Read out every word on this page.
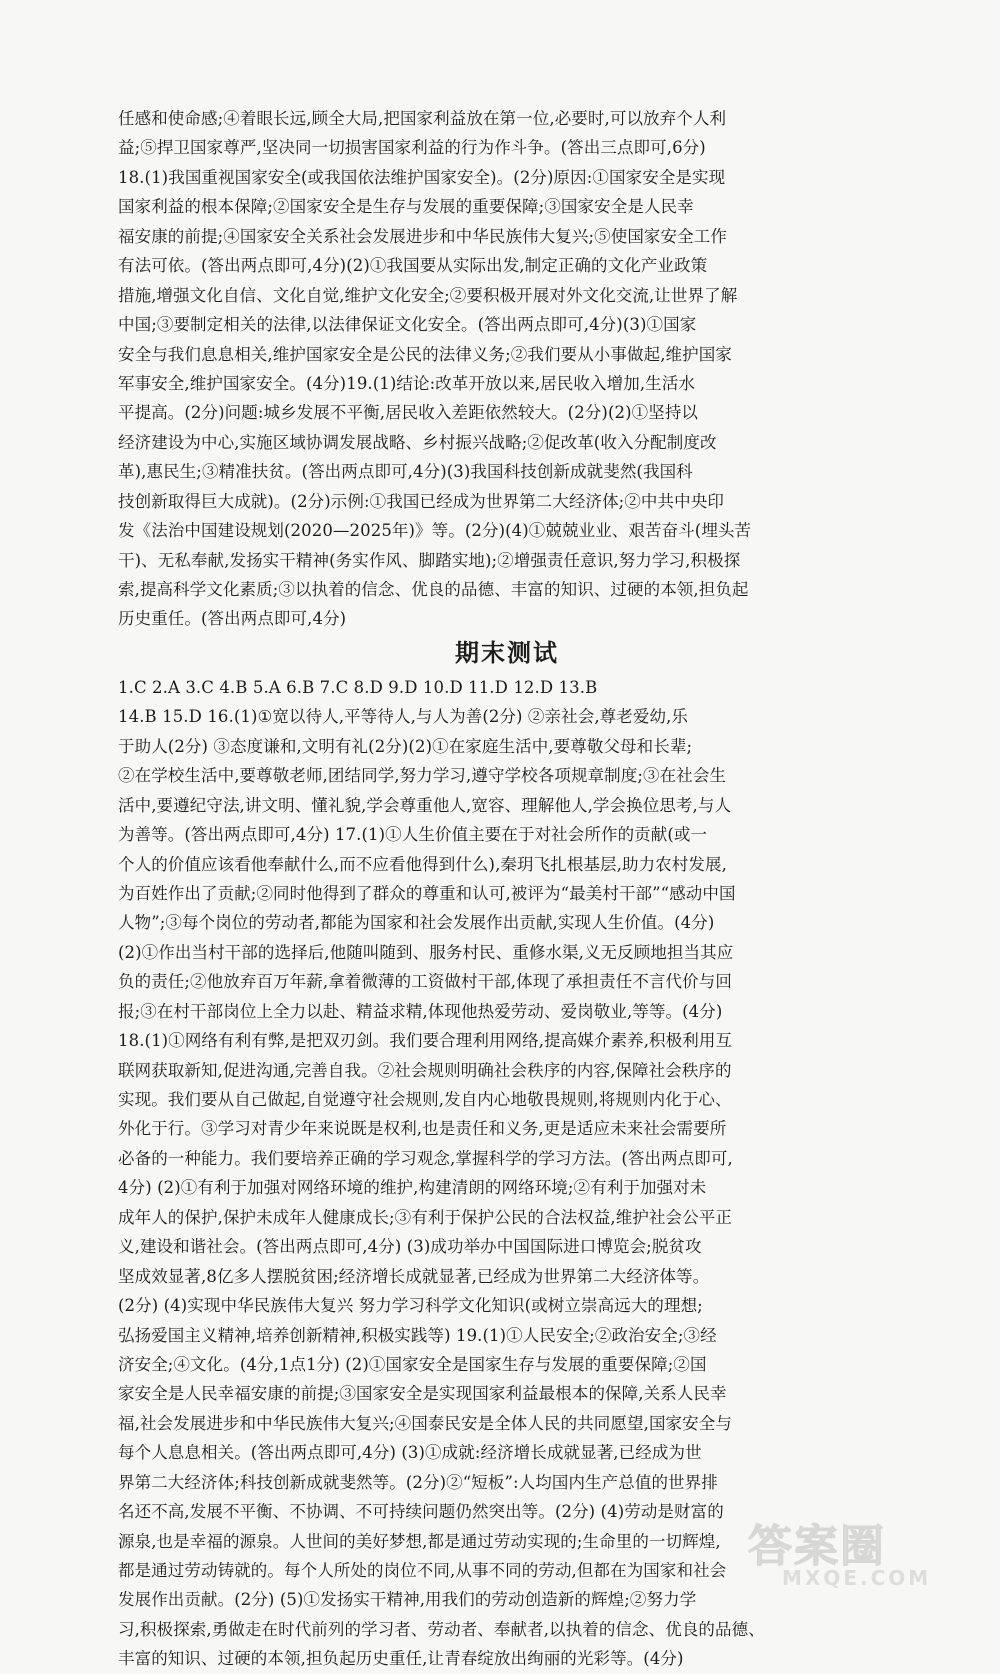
任感和使命感;④着眼长远,顾全大局,把国家利益放在第一位,必要时,可以放弃个人利
益;⑤捍卫国家尊严,坚决同一切损害国家利益的行为作斗争。(答出三点即可,6分)
18.(1)我国重视国家安全(或我国依法维护国家安全)。(2分)原因:①国家安全是实现
国家利益的根本保障;②国家安全是生存与发展的重要保障;③国家安全是人民幸
福安康的前提;④国家安全关系社会发展进步和中华民族伟大复兴;⑤使国家安全工作
有法可依。(答出两点即可,4分)(2)①我国要从实际出发,制定正确的文化产业政策
措施,增强文化自信、文化自觉,维护文化安全;②要积极开展对外文化交流,让世界了解
中国;③要制定相关的法律,以法律保证文化安全。(答出两点即可,4分)(3)①国家
安全与我们息息相关,维护国家安全是公民的法律义务;②我们要从小事做起,维护国家
军事安全,维护国家安全。(4分)19.(1)结论:改革开放以来,居民收入增加,生活水
平提高。(2分)问题:城乡发展不平衡,居民收入差距依然较大。(2分)(2)①坚持以
经济建设为中心,实施区域协调发展战略、乡村振兴战略;②促改革(收入分配制度改
革),惠民生;③精准扶贫。(答出两点即可,4分)(3)我国科技创新成就斐然(我国科
技创新取得巨大成就)。(2分)示例:①我国已经成为世界第二大经济体;②中共中央印
发《法治中国建设规划(2020—2025年)》等。(2分)(4)①兢兢业业、艰苦奋斗(埋头苦
干)、无私奉献,发扬实干精神(务实作风、脚踏实地);②增强责任意识,努力学习,积极探
索,提高科学文化素质;③以执着的信念、优良的品德、丰富的知识、过硬的本领,担负起
历史重任。(答出两点即可,4分)
期末测试
1.C 2.A 3.C 4.B 5.A 6.B 7.C 8.D 9.D 10.D 11.D 12.D 13.B
14.B 15.D 16.(1)①宽以待人,平等待人,与人为善(2分) ②亲社会,尊老爱幼,乐
于助人(2分) ③态度谦和,文明有礼(2分)(2)①在家庭生活中,要尊敬父母和长辈;
②在学校生活中,要尊敬老师,团结同学,努力学习,遵守学校各项规章制度;③在社会生
活中,要遵纪守法,讲文明、懂礼貌,学会尊重他人,宽容、理解他人,学会换位思考,与人
为善等。(答出两点即可,4分) 17.(1)①人生价值主要在于对社会所作的贡献(或一
个人的价值应该看他奉献什么,而不应看他得到什么),秦玥飞扎根基层,助力农村发展,
为百姓作出了贡献;②同时他得到了群众的尊重和认可,被评为“最美村干部”“感动中国
人物”;③每个岗位的劳动者,都能为国家和社会发展作出贡献,实现人生价值。(4分)
(2)①作出当村干部的选择后,他随叫随到、服务村民、重修水渠,义无反顾地担当其应
负的责任;②他放弃百万年薪,拿着微薄的工资做村干部,体现了承担责任不言代价与回
报;③在村干部岗位上全力以赴、精益求精,体现他热爱劳动、爱岗敬业,等等。(4分)
18.(1)①网络有利有弊,是把双刃剑。我们要合理利用网络,提高媒介素养,积极利用互
联网获取新知,促进沟通,完善自我。②社会规则明确社会秩序的内容,保障社会秩序的
实现。我们要从自己做起,自觉遵守社会规则,发自内心地敬畏规则,将规则内化于心、
外化于行。③学习对青少年来说既是权利,也是责任和义务,更是适应未来社会需要所
必备的一种能力。我们要培养正确的学习观念,掌握科学的学习方法。(答出两点即可,
4分) (2)①有利于加强对网络环境的维护,构建清朗的网络环境;②有利于加强对未
成年人的保护,保护未成年人健康成长;③有利于保护公民的合法权益,维护社会公平正
义,建设和谐社会。(答出两点即可,4分) (3)成功举办中国国际进口博览会;脱贫攻
坚成效显著,8亿多人摆脱贫困;经济增长成就显著,已经成为世界第二大经济体等。
(2分) (4)实现中华民族伟大复兴 努力学习科学文化知识(或树立崇高远大的理想;
弘扬爱国主义精神,培养创新精神,积极实践等) 19.(1)①人民安全;②政治安全;③经
济安全;④文化。(4分,1点1分) (2)①国家安全是国家生存与发展的重要保障;②国
家安全是人民幸福安康的前提;③国家安全是实现国家利益最根本的保障,关系人民幸
福,社会发展进步和中华民族伟大复兴;④国泰民安是全体人民的共同愿望,国家安全与
每个人息息相关。(答出两点即可,4分) (3)①成就:经济增长成就显著,已经成为世
界第二大经济体;科技创新成就斐然等。(2分)②“短板”:人均国内生产总值的世界排
名还不高,发展不平衡、不协调、不可持续问题仍然突出等。(2分) (4)劳动是财富的
源泉,也是幸福的源泉。人世间的美好梦想,都是通过劳动实现的;生命里的一切辉煌,
都是通过劳动铸就的。每个人所处的岗位不同,从事不同的劳动,但都在为国家和社会
发展作出贡献。(2分) (5)①发扬实干精神,用我们的劳动创造新的辉煌;②努力学
习,积极探索,勇做走在时代前列的学习者、劳动者、奉献者,以执着的信念、优良的品德、
丰富的知识、过硬的本领,担负起历史重任,让青春绽放出绚丽的光彩等。(4分)
答案圈
MXQE.COM
